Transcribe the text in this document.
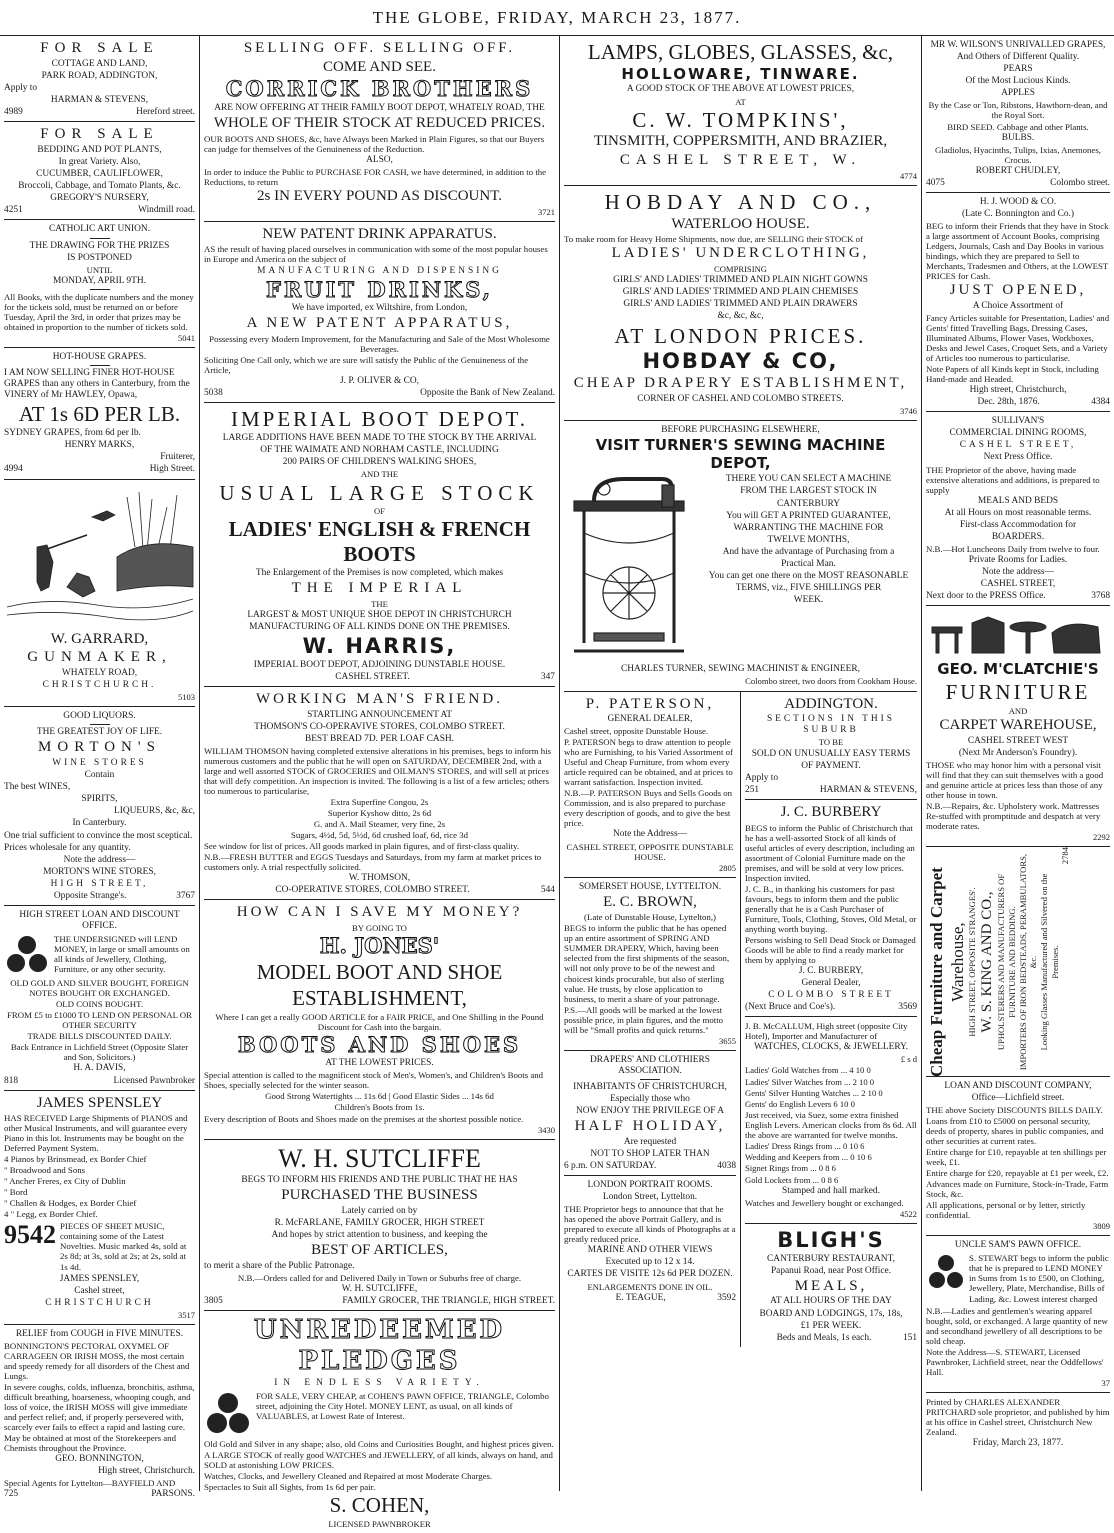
THE GLOBE, FRIDAY, MARCH 23, 1877.

FOR SALE

COTTAGE AND LAND,

PARK ROAD, ADDINGTON,

Apply to

HARMAN & STEVENS,

4989	Hereford street.

FOR SALE

BEDDING AND POT PLANTS,

In great Variety. Also,

CUCUMBER, CAULIFLOWER,

Broccoli, Cabbage, and Tomato Plants, &c.

GREGORY'S NURSERY,

4251	Windmill road.

CATHOLIC ART UNION.

THE DRAWING FOR THE PRIZES

IS POSTPONED

UNTIL

MONDAY, APRIL 9TH.

All Books, with the duplicate numbers and the money for the tickets sold, must be returned on or before Tuesday, April the 3rd, in order that prizes may be obtained in proportion to the number of tickets sold.

5041

HOT-HOUSE GRAPES.

I AM NOW SELLING FINER HOT-HOUSE GRAPES than any others in Canterbury, from the VINERY of Mr HAWLEY, Opawa,

AT 1s 6D PER LB.

SYDNEY GRAPES, from 6d per lb.

HENRY MARKS,

Fruiterer,

4994	High Street.

W. GARRARD,

GUNMAKER,

WHATELY ROAD,

CHRISTCHURCH.

5103

GOOD LIQUORS.

THE GREATEST JOY OF LIFE.

MORTON'S

WINE STORES

Contain

The best WINES,

SPIRITS,

LIQUEURS, &c, &c,

In Canterbury.

One trial sufficient to convince the most sceptical.

Prices wholesale for any quantity.

Note the address—

MORTON'S WINE STORES,

HIGH STREET,

Opposite Strange's.	3767

HIGH STREET LOAN AND DISCOUNT OFFICE.

THE UNDERSIGNED will LEND MONEY, in large or small amounts on all kinds of Jewellery, Clothing, Furniture, or any other security.

OLD GOLD AND SILVER BOUGHT, FOREIGN NOTES BOUGHT OR EXCHANGED.

OLD COINS BOUGHT.

FROM £5 to £1000 TO LEND ON PERSONAL OR OTHER SECURITY

TRADE BILLS DISCOUNTED DAILY.

Back Entrance in Lichfield Street (Opposite Slater and Son, Solicitors.)

H. A. DAVIS,

818	Licensed Pawnbroker

JAMES SPENSLEY

HAS RECEIVED Large Shipments of PIANOS and other Musical Instruments, and will guarantee every Piano in this lot. Instruments may be bought on the Deferred Payment System.

4 Pianos by Brinsmead, ex Border Chief

" Broadwood and Sons

" Ancher Freres, ex City of Dublin

" Bord

" Challen & Hodges, ex Border Chief

4 " Legg, ex Border Chief.

9542 PIECES OF SHEET MUSIC, containing some of the Latest Novelties. Music marked 4s, sold at 2s 8d; at 3s, sold at 2s; at 2s, sold at 1s 4d.

JAMES SPENSLEY,

Cashel street,

CHRISTCHURCH

3517

RELIEF from COUGH in FIVE MINUTES.

BONNINGTON'S PECTORAL OXYMEL OF CARRAGEEN OR IRISH MOSS, the most certain and speedy remedy for all disorders of the Chest and Lungs.

In severe coughs, colds, influenza, bronchitis, asthma, difficult breathing, hoarseness, whooping cough, and loss of voice, the IRISH MOSS will give immediate and perfect relief; and, if properly persevered with, scarcely ever fails to effect a rapid and lasting cure.

May be obtained at most of the Storekeepers and Chemists throughout the Province.

GEO. BONNINGTON,

High street, Christchurch.

Special Agents for Lyttelton—BAYFIELD AND

725	PARSONS.

SELLING OFF. SELLING OFF.

COME AND SEE.

CORRICK BROTHERS

ARE NOW OFFERING AT THEIR FAMILY BOOT DEPOT, WHATELY ROAD, THE

WHOLE OF THEIR STOCK AT REDUCED PRICES.

OUR BOOTS AND SHOES, &c, have Always been Marked in Plain Figures, so that our Buyers can judge for themselves of the Genuineness of the Reduction.

ALSO,

In order to induce the Public to PURCHASE FOR CASH, we have determined, in addition to the Reductions, to return

2s IN EVERY POUND AS DISCOUNT.

3721

NEW PATENT DRINK APPARATUS.

AS the result of having placed ourselves in communication with some of the most popular houses in Europe and America on the subject of

MANUFACTURING AND DISPENSING

FRUIT DRINKS,

We have imported, ex Wiltshire, from London,

A NEW PATENT APPARATUS,

Possessing every Modern Improvement, for the Manufacturing and Sale of the Most Wholesome Beverages.

Soliciting One Call only, which we are sure will satisfy the Public of the Genuineness of the Article,

J. P. OLIVER & CO,

5038	Opposite the Bank of New Zealand.

IMPERIAL BOOT DEPOT.

LARGE ADDITIONS HAVE BEEN MADE TO THE STOCK BY THE ARRIVAL

OF THE WAIMATE AND NORHAM CASTLE, INCLUDING

200 PAIRS OF CHILDREN'S WALKING SHOES,

AND THE

USUAL LARGE STOCK

OF

LADIES' ENGLISH & FRENCH BOOTS

The Enlargement of the Premises is now completed, which makes

THE IMPERIAL

THE

LARGEST & MOST UNIQUE SHOE DEPOT IN CHRISTCHURCH

MANUFACTURING OF ALL KINDS DONE ON THE PREMISES.

W. HARRIS,

IMPERIAL BOOT DEPOT, ADJOINING DUNSTABLE HOUSE.

CASHEL STREET.	347

WORKING MAN'S FRIEND.

STARTLING ANNOUNCEMENT AT

THOMSON'S CO-OPERAVIVE STORES, COLOMBO STREET.

BEST BREAD 7D. PER LOAF CASH.

WILLIAM THOMSON having completed extensive alterations in his premises, begs to inform his numerous customers and the public that he will open on SATURDAY, DECEMBER 2nd, with a large and well assorted STOCK of GROCERIES and OILMAN'S STORES, and will sell at prices that will defy competition. An inspection is invited. The following is a list of a few articles; others too numerous to particularise,

Extra Superfine Congou, 2s

Superior Kyshow ditto, 2s 6d

G. and A. Mail Steamer, very fine, 2s

Sugars, 4½d, 5d, 5½d, 6d crushed loaf, 6d, rice 3d

See window for list of prices. All goods marked in plain figures, and of first-class quality.

N.B.—FRESH BUTTER and EGGS Tuesdays and Saturdays, from my farm at market prices to customers only. A trial respectfully solicited.

W. THOMSON,

CO-OPERATIVE STORES, COLOMBO STREET.	544

HOW CAN I SAVE MY MONEY?

BY GOING TO

H. JONES'

MODEL BOOT AND SHOE

ESTABLISHMENT,

Where I can get a really GOOD ARTICLE for a FAIR PRICE, and One Shilling in the Pound Discount for Cash into the bargain.

BOOTS AND SHOES

AT THE LOWEST PRICES.

Special attention is called to the magnificent stock of Men's, Women's, and Children's Boots and Shoes, specially selected for the winter season.

Good Strong Watertights ... 11s 6d | Good Elastic Sides ... 14s 6d

Children's Boots from 1s.

Every description of Boots and Shoes made on the premises at the shortest possible notice.

3430

W. H. SUTCLIFFE

BEGS TO INFORM HIS FRIENDS AND THE PUBLIC THAT HE HAS

PURCHASED THE BUSINESS

Lately carried on by

R. McFARLANE, FAMILY GROCER, HIGH STREET

And hopes by strict attention to business, and keeping the

BEST OF ARTICLES,

to merit a share of the Public Patronage.

N.B.—Orders called for and Delivered Daily in Town or Suburbs free of charge.

W. H. SUTCLIFFE,

3805	FAMILY GROCER, THE TRIANGLE, HIGH STREET.

UNREDEEMED PLEDGES

IN ENDLESS VARIETY.

FOR SALE, VERY CHEAP, at COHEN'S PAWN OFFICE, TRIANGLE, Colombo street, adjoining the City Hotel. MONEY LENT, as usual, on all kinds of VALUABLES, at Lowest Rate of Interest.

Old Gold and Silver in any shape; also, old Coins and Curiosities Bought, and highest prices given.

A LARGE STOCK of really good WATCHES and JEWELLERY, of all kinds, always on hand, and SOLD at astonishing LOW PRICES.

Watches, Clocks, and Jewellery Cleaned and Repaired at most Moderate Charges.

Spectacles to Suit all Sights, from 1s 6d per pair.

S. COHEN,

LICENSED PAWNBROKER

LAMPS, GLOBES, GLASSES, &c,

HOLLOWARE, TINWARE.

A GOOD STOCK OF THE ABOVE AT LOWEST PRICES,

AT

C. W. TOMPKINS',

TINSMITH, COPPERSMITH, AND BRAZIER,

CASHEL STREET, W.

4774

HOBDAY AND CO.,

WATERLOO HOUSE.

To make room for Heavy Home Shipments, now due, are SELLING their STOCK of

LADIES' UNDERCLOTHING,

COMPRISING

GIRLS' AND LADIES' TRIMMED AND PLAIN NIGHT GOWNS

GIRLS' AND LADIES' TRIMMED AND PLAIN CHEMISES

GIRLS' AND LADIES' TRIMMED AND PLAIN DRAWERS

&c, &c, &c,

AT LONDON PRICES.

HOBDAY & CO,

CHEAP DRAPERY ESTABLISHMENT,

CORNER OF CASHEL AND COLOMBO STREETS.

3746

BEFORE PURCHASING ELSEWHERE,

VISIT TURNER'S SEWING MACHINE DEPOT,

THERE YOU CAN SELECT A MACHINE

FROM THE LARGEST STOCK IN

CANTERBURY

You will GET A PRINTED GUARANTEE,

WARRANTING THE MACHINE FOR

TWELVE MONTHS,

And have the advantage of Purchasing from a

Practical Man.

You can get one there on the MOST REASONABLE

TERMS, viz., FIVE SHILLINGS PER

WEEK.

CHARLES TURNER, SEWING MACHINIST & ENGINEER,

Colombo street, two doors from Cookham House.

P. PATERSON,

GENERAL DEALER,

Cashel street, opposite Dunstable House.

P. PATERSON begs to draw attention to people who are Furnishing, to his Varied Assortment of Useful and Cheap Furniture, from whom every article required can be obtained, and at prices to warrant satisfaction. Inspection invited.

N.B.—P. PATERSON Buys and Sells Goods on Commission, and is also prepared to purchase every description of goods, and to give the best price.

Note the Address—

CASHEL STREET, OPPOSITE DUNSTABLE HOUSE.

2805

SOMERSET HOUSE, LYTTELTON.

E. C. BROWN,

(Late of Dunstable House, Lyttelton,)

BEGS to inform the public that he has opened up an entire assortment of SPRING AND SUMMER DRAPERY, Which, having been selected from the first shipments of the season, will not only prove to be of the newest and choicest kinds procurable, but also of sterling value. He trusts, by close application to business, to merit a share of your patronage.

P.S.—All goods will be marked at the lowest possible price, in plain figures, and the motto will be "Small profits and quick returns."

3655

DRAPERS' AND CLOTHIERS ASSOCIATION.

INHABITANTS OF CHRISTCHURCH,

Especially those who

NOW ENJOY THE PRIVILEGE OF A

HALF HOLIDAY,

Are requested

NOT TO SHOP LATER THAN

6 p.m. ON SATURDAY.	4038

LONDON PORTRAIT ROOMS.

London Street, Lyttelton.

THE Proprietor begs to announce that that he has opened the above Portrait Gallery, and is prepared to execute all kinds of Photographs at a greatly reduced price.

MARINE AND OTHER VIEWS

Executed up to 12 x 14.

CARTES DE VISITE 12s 6d PER DOZEN.

ENLARGEMENTS DONE IN OIL.

E. TEAGUE,	3592

ADDINGTON.

SECTIONS IN THIS SUBURB

TO BE

SOLD ON UNUSUALLY EASY TERMS

OF PAYMENT.

Apply to

251	HARMAN & STEVENS,

J. C. BURBERY

BEGS to inform the Public of Christchurch that he has a well-assorted Stock of all kinds of useful articles of every description, including an assortment of Colonial Furniture made on the premises, and will be sold at very low prices. Inspection invited.

J. C. B., in thanking his customers for past favours, begs to inform them and the public generally that he is a Cash Purchaser of Furniture, Tools, Clothing, Stoves, Old Metal, or anything worth buying.

Persons wishing to Sell Dead Stock or Damaged Goods will be able to find a ready market for them by applying to

J. C. BURBERY,

General Dealer,

COLOMBO STREET

(Next Bruce and Coe's).	3569

J. B. McCALLUM, High street (opposite City Hotel), Importer and Manufacturer of

WATCHES, CLOCKS, & JEWELLERY.

£ s d

Ladies' Gold Watches from ... 4 10 0

Ladies' Silver Watches from ... 2 10 0

Gents' Silver Hunting Watches ... 2 10 0

Gents' do English Levers 6 10 0

Just received, via Suez, some extra finished English Levers. American clocks from 8s 6d. All the above are warranted for twelve months.

Ladies' Dress Rings from ... 0 10 6

Wedding and Keepers from ... 0 10 6

Signet Rings from ... 0 8 6

Gold Lockets from ... 0 8 6

Stamped and hall marked.

Watches and Jewellery bought or exchanged.

4522

BLIGH'S

CANTERBURY RESTAURANT,

Papanui Road, near Post Office.

MEALS,

AT ALL HOURS OF THE DAY

BOARD AND LODGINGS, 17s, 18s,

£1 PER WEEK.

Beds and Meals, 1s each.	151

MR W. WILSON'S UNRIVALLED GRAPES,

And Others of Different Quality.

PEARS

Of the Most Lucious Kinds.

APPLES

By the Case or Ton, Ribstons, Hawthorn-dean, and the Royal Sort.

BIRD SEED. Cabbage and other Plants.

BULBS.

Gladiolus, Hyacinths, Tulips, Ixias, Anemones, Crocus.

ROBERT CHUDLEY,

4075	Colombo street.

H. J. WOOD & CO.

(Late C. Bonnington and Co.)

BEG to inform their Friends that they have in Stock a large assortment of Account Books, comprising Ledgers, Journals, Cash and Day Books in various bindings, which they are prepared to Sell to Merchants, Tradesmen and Others, at the LOWEST PRICES for Cash.

JUST OPENED,

A Choice Assortment of

Fancy Articles suitable for Presentation, Ladies' and Gents' fitted Travelling Bags, Dressing Cases, Illuminated Albums, Flower Vases, Workboxes, Desks and Jewel Cases, Croquet Sets, and a Variety of Articles too numerous to particularise.

Note Papers of all Kinds kept in Stock, including Hand-made and Headed.

High street, Christchurch,

Dec. 28th, 1876.	4384

SULLIVAN'S

COMMERCIAL DINING ROOMS,

CASHEL STREET,

Next Press Office.

THE Proprietor of the above, having made extensive alterations and additions, is prepared to supply

MEALS AND BEDS

At all Hours on most reasonable terms.

First-class Accommodation for

BOARDERS.

N.B.—Hot Luncheons Daily from twelve to four.

Private Rooms for Ladies.

Note the address—

CASHEL STREET,

Next door to the PRESS Office.	3768

GEO. M'CLATCHIE'S

FURNITURE

AND

CARPET WAREHOUSE,

CASHEL STREET WEST

(Next Mr Anderson's Foundry).

THOSE who may honor him with a personal visit will find that they can suit themselves with a good and genuine article at prices less than those of any other house in town.

N.B.—Repairs, &c. Upholstery work. Mattresses Re-stuffed with promptitude and despatch at very moderate rates.

2292

Cheap Furniture and Carpet Warehouse, HIGH STREET, OPPOSITE STRANGES'. W. S. KING AND CO., UPHOLSTERERS AND MANUFACTURERS OF FURNITURE AND BEDDING. IMPORTERS OF IRON BEDSTEADS, PERAMBULATORS, &c. Looking Glasses Manufactured and Silvered on the Premises.

2784

LOAN AND DISCOUNT COMPANY,

Office—Lichfield street.

THE above Society DISCOUNTS BILLS DAILY.

Loans from £10 to £5000 on personal security, deeds of property, shares in public companies, and other securities at current rates.

Entire charge for £10, repayable at ten shillings per week, £1.

Entire charge for £20, repayable at £1 per week, £2.

Advances made on Furniture, Stock-in-Trade, Farm Stock, &c.

All applications, personal or by letter, strictly confidential.

3809

UNCLE SAM'S PAWN OFFICE.

S. STEWART begs to inform the public that he is prepared to LEND MONEY in Sums from 1s to £500, on Clothing, Jewellery, Plate, Merchandise, Bills of Lading, &c. Lowest interest charged

N.B.—Ladies and gentlemen's wearing apparel bought, sold, or exchanged. A large quantity of new and secondhand jewellery of all descriptions to be sold cheap.

Note the Address—S. STEWART, Licensed Pawnbroker, Lichfield street, near the Oddfellows' Hall.

37

Printed by CHARLES ALEXANDER PRITCHARD sole proprietor, and published by him at his office in Cashel street, Christchurch New Zealand.

Friday, March 23, 1877.
